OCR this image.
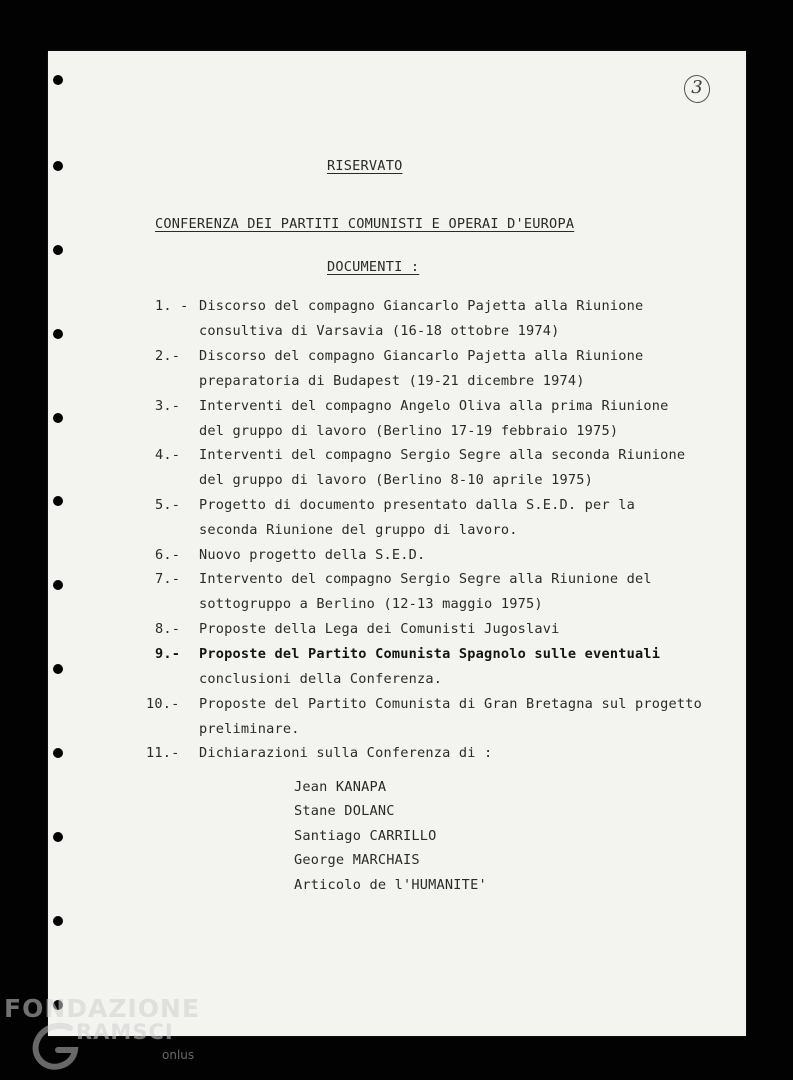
3
RISERVATO
CONFERENZA DEI PARTITI COMUNISTI E OPERAI D'EUROPA
DOCUMENTI :
1. - Discorso del compagno Giancarlo Pajetta alla Riunione
consultiva di Varsavia (16-18 ottobre 1974)
2.- Discorso del compagno Giancarlo Pajetta alla Riunione
preparatoria di Budapest (19-21 dicembre 1974)
3.- Interventi del compagno Angelo Oliva alla prima Riunione
del gruppo di lavoro (Berlino 17-19 febbraio 1975)
4.- Interventi del compagno Sergio Segre alla seconda Riunione
del gruppo di lavoro (Berlino 8-10 aprile 1975)
5.- Progetto di documento presentato dalla S.E.D. per la
seconda Riunione del gruppo di lavoro.
6.- Nuovo progetto della S.E.D.
7.- Intervento del compagno Sergio Segre alla Riunione del
sottogruppo a Berlino (12-13 maggio 1975)
8.- Proposte della Lega dei Comunisti Jugoslavi
9.- Proposte del Partito Comunista Spagnolo sulle eventuali
conclusioni della Conferenza.
10.- Proposte del Partito Comunista di Gran Bretagna sul progetto
preliminare.
11.- Dichiarazioni sulla Conferenza di :
Jean KANAPA
Stane DOLANC
Santiago CARRILLO
George MARCHAIS
Articolo de l'HUMANITE'
FONDAZIONE
RAMSCI
onlus
